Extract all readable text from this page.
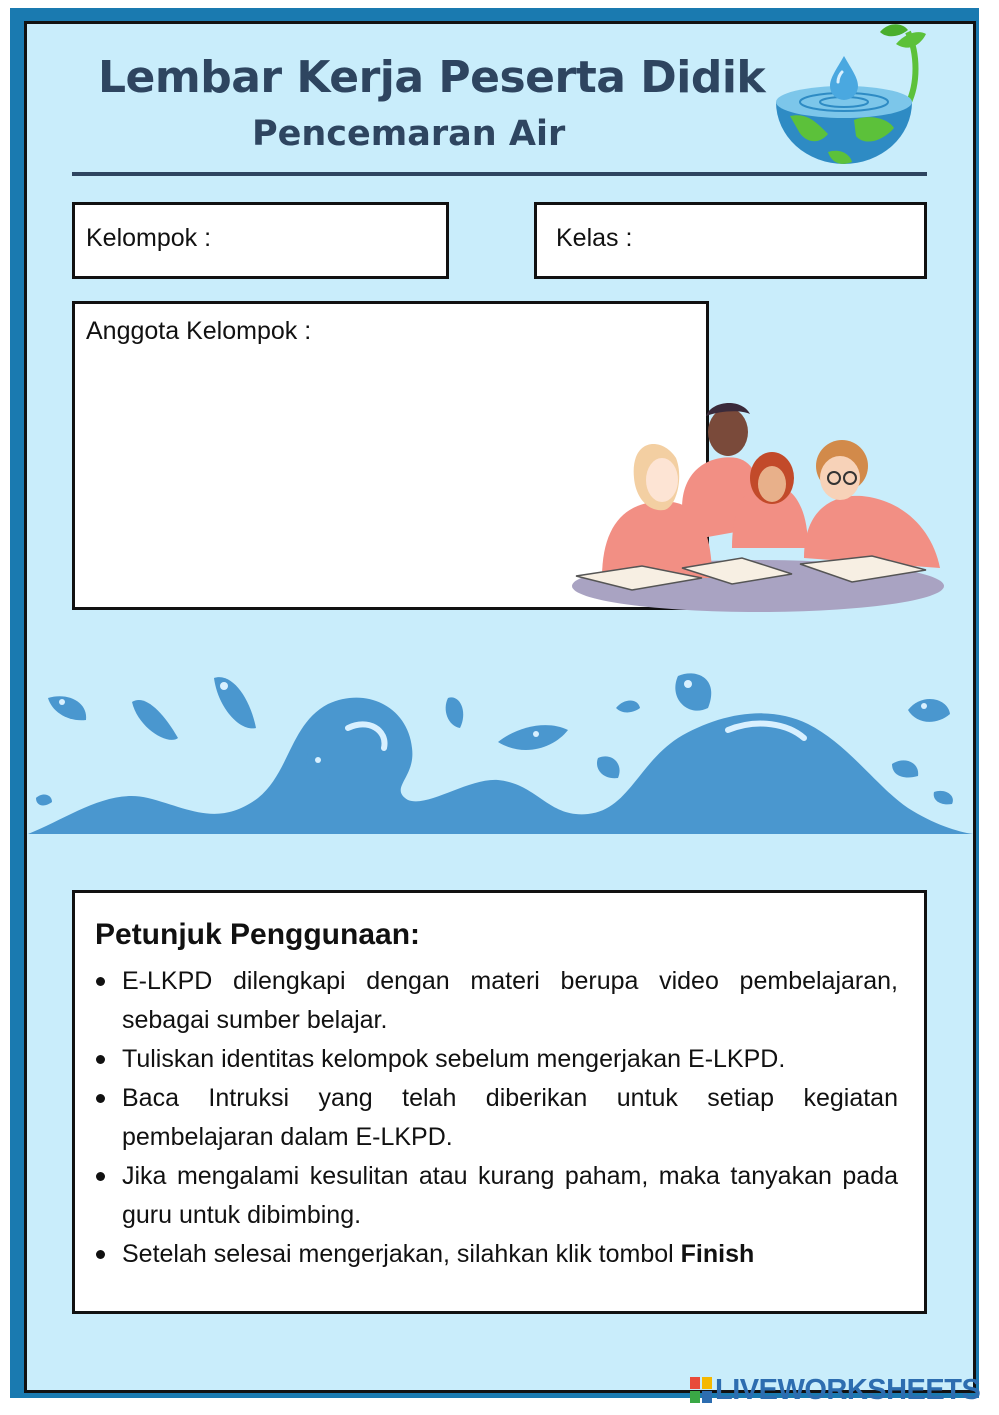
Lembar Kerja Peserta Didik
Pencemaran Air
Kelompok :	Kelas :
Anggota Kelompok :
Petunjuk Penggunaan:
E-LKPD dilengkapi dengan materi berupa video pembelajaran, sebagai sumber belajar.
Tuliskan identitas kelompok sebelum mengerjakan E-LKPD.
Baca Intruksi yang telah diberikan untuk setiap kegiatan pembelajaran dalam E-LKPD.
Jika mengalami kesulitan atau kurang paham, maka tanyakan pada guru untuk dibimbing.
Setelah selesai mengerjakan, silahkan klik tombol Finish
LIVEWORKSHEETS
